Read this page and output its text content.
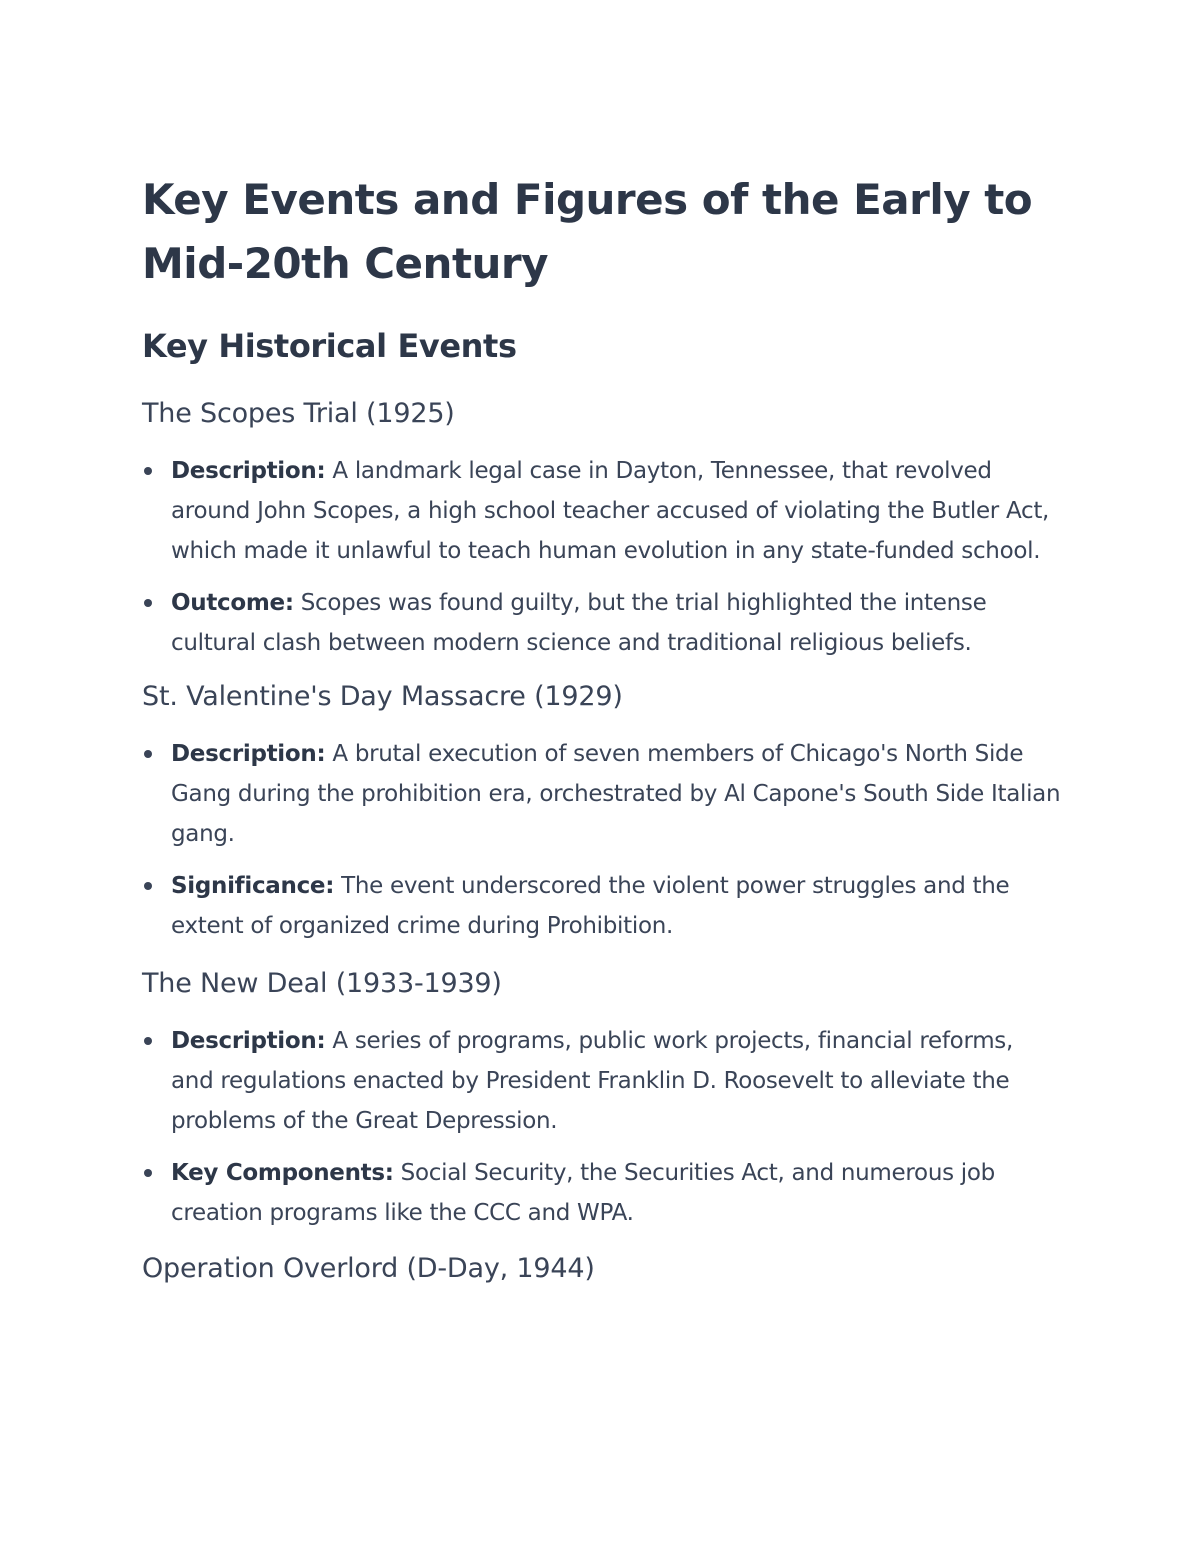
Key Events and Figures of the Early to Mid-20th Century
Key Historical Events
The Scopes Trial (1925)
Description: A landmark legal case in Dayton, Tennessee, that revolved around John Scopes, a high school teacher accused of violating the Butler Act, which made it unlawful to teach human evolution in any state-funded school.
Outcome: Scopes was found guilty, but the trial highlighted the intense cultural clash between modern science and traditional religious beliefs.
St. Valentine's Day Massacre (1929)
Description: A brutal execution of seven members of Chicago's North Side Gang during the prohibition era, orchestrated by Al Capone's South Side Italian gang.
Significance: The event underscored the violent power struggles and the extent of organized crime during Prohibition.
The New Deal (1933-1939)
Description: A series of programs, public work projects, financial reforms, and regulations enacted by President Franklin D. Roosevelt to alleviate the problems of the Great Depression.
Key Components: Social Security, the Securities Act, and numerous job creation programs like the CCC and WPA.
Operation Overlord (D-Day, 1944)
